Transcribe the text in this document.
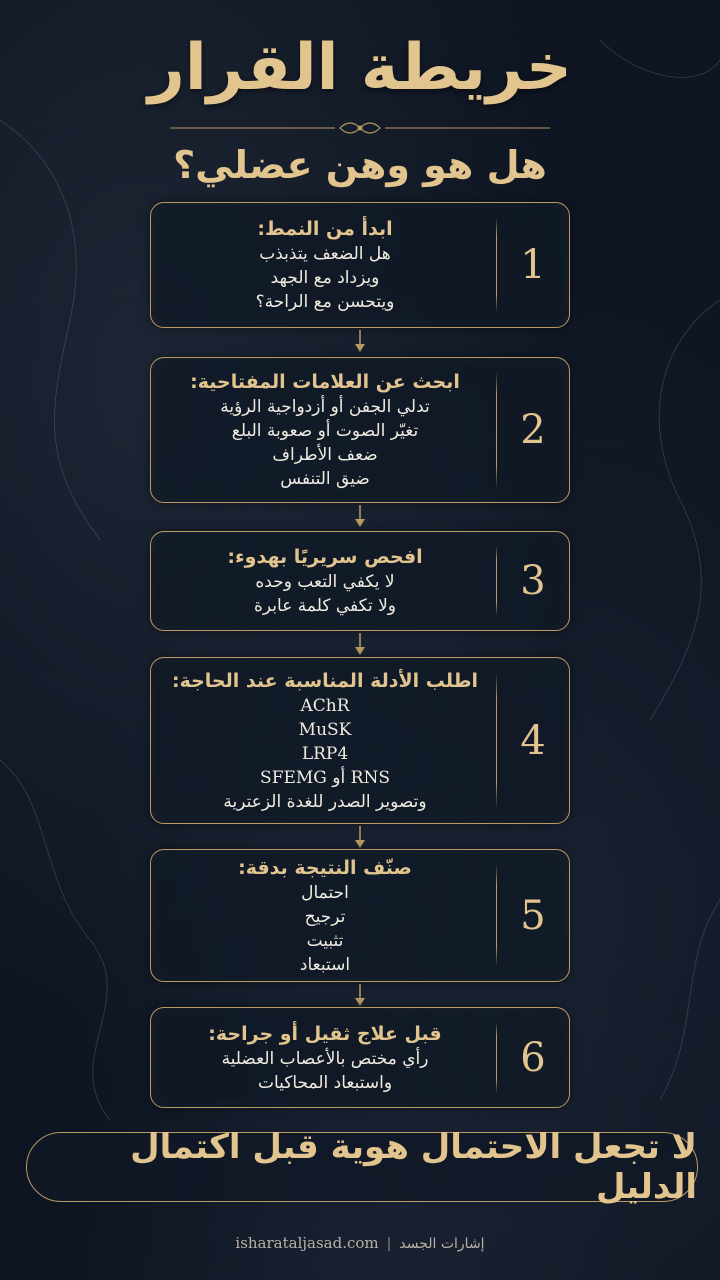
خريطة القرار
هل هو وهن عضلي؟
1
ابدأ من النمط:
هل الضعف يتذبذب
ويزداد مع الجهد
ويتحسن مع الراحة؟
2
ابحث عن العلامات المفتاحية:
تدلي الجفن أو أزدواجية الرؤية
تغيّر الصوت أو صعوبة البلع
ضعف الأطراف
ضيق التنفس
3
افحص سريريًا بهدوء:
لا يكفي التعب وحده
ولا تكفي كلمة عابرة
4
اطلب الأدلة المناسبة عند الحاجة:
AChR
MuSK
LRP4
RNS أو SFEMG
وتصوير الصدر للغدة الزعترية
5
صنّف النتيجة بدقة:
احتمال
ترجيح
تثبيت
استبعاد
6
قبل علاج ثقيل أو جراحة:
رأي مختص بالأعصاب العضلية
واستبعاد المحاكيات
لا تجعل الاحتمال هوية قبل اكتمال الدليل
isharataljasad.com | إشارات الجسد
